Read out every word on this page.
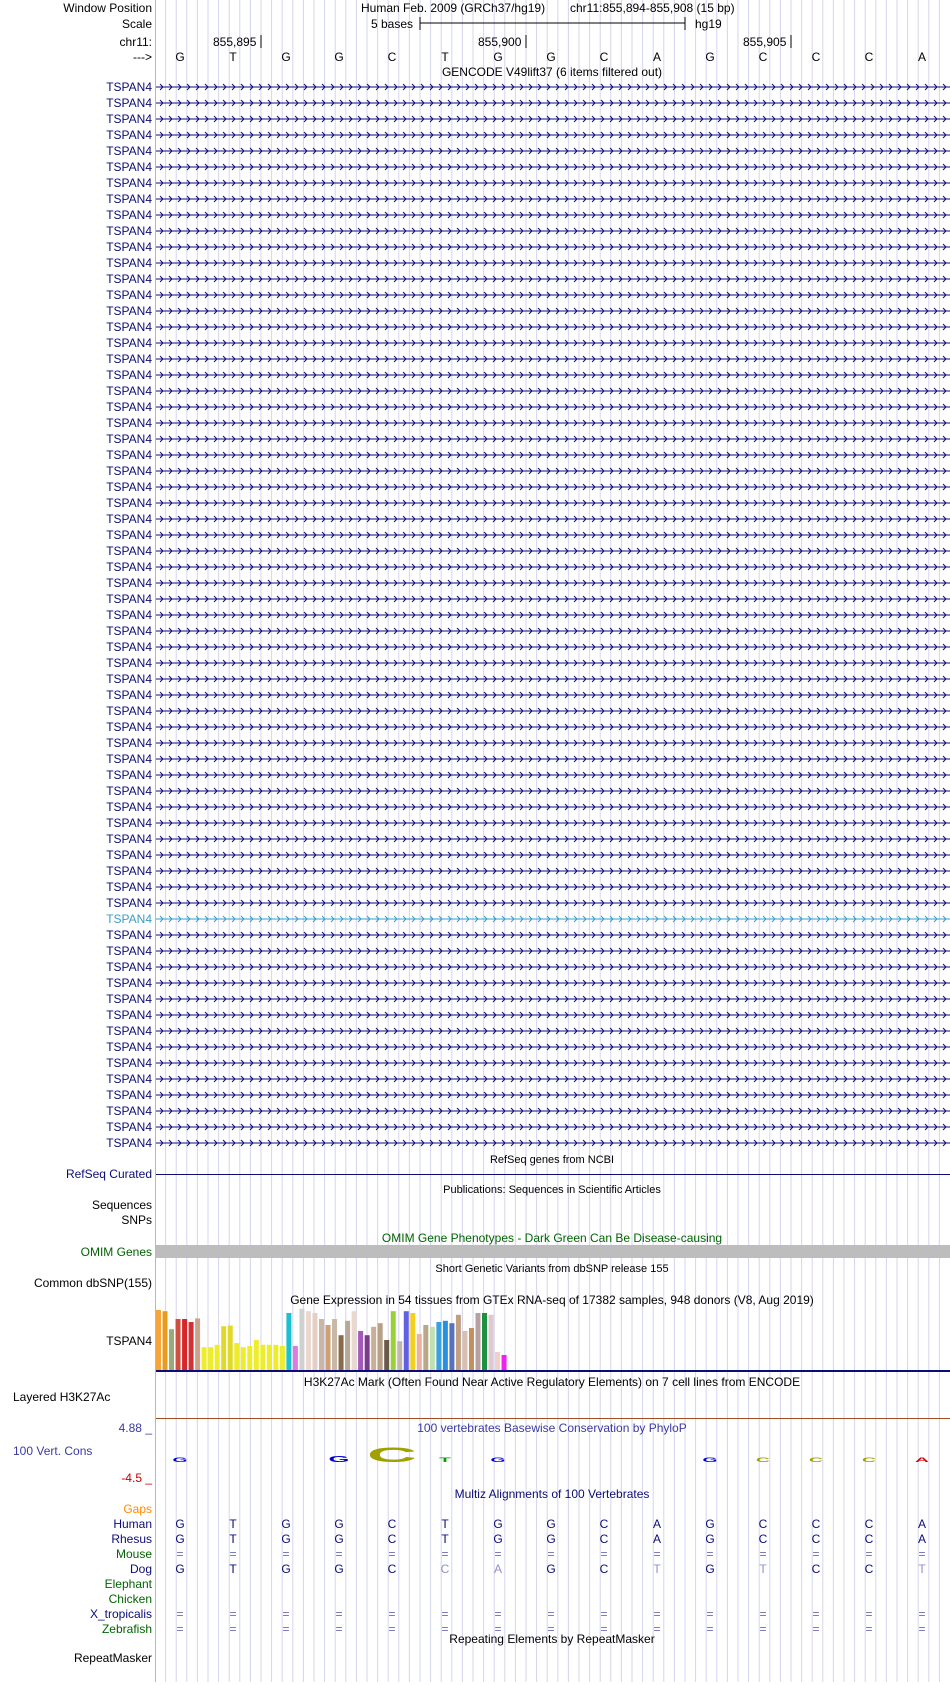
Window Position	Human Feb. 2009 (GRCh37/hg19) chr11:855,894-855,908 (15 bp)
Scale	5 bases	hg19
chr11:	855,895	855,900	855,905
--->	G	T	G	G	C	T	G	G	C	A	G	C	C	C	A
GENCODE V49lift37 (6 items filtered out)
TSPAN4
TSPAN4
TSPAN4
TSPAN4
TSPAN4
TSPAN4
TSPAN4
TSPAN4
TSPAN4
TSPAN4
TSPAN4
TSPAN4
TSPAN4
TSPAN4
TSPAN4
TSPAN4
TSPAN4
TSPAN4
TSPAN4
TSPAN4
TSPAN4
TSPAN4
TSPAN4
TSPAN4
TSPAN4
TSPAN4
TSPAN4
TSPAN4
TSPAN4
TSPAN4
TSPAN4
TSPAN4
TSPAN4
TSPAN4
TSPAN4
TSPAN4
TSPAN4
TSPAN4
TSPAN4
TSPAN4
TSPAN4
TSPAN4
TSPAN4
TSPAN4
TSPAN4
TSPAN4
TSPAN4
TSPAN4
TSPAN4
TSPAN4
TSPAN4
TSPAN4
TSPAN4
TSPAN4
TSPAN4
TSPAN4
TSPAN4
TSPAN4
TSPAN4
TSPAN4
TSPAN4
TSPAN4
TSPAN4
TSPAN4
TSPAN4
TSPAN4
TSPAN4
RefSeq genes from NCBI
RefSeq Curated
Publications: Sequences in Scientific Articles
Sequences
SNPs
OMIM Gene Phenotypes - Dark Green Can Be Disease-causing
OMIM Genes
Short Genetic Variants from dbSNP release 155
Common dbSNP(155)
Gene Expression in 54 tissues from GTEx RNA-seq of 17382 samples, 948 donors (V8, Aug 2019)
TSPAN4
H3K27Ac Mark (Often Found Near Active Regulatory Elements) on 7 cell lines from ENCODE
Layered H3K27Ac
100 vertebrates Basewise Conservation by PhyloP
4.88 _
100 Vert. Cons
-4.5 _
G	G C	T	G	G	C	C	C	A
Multiz Alignments of 100 Vertebrates
Gaps
Human	G	T	G	G	C	T	G	G	C	A	G	C	C	C	A
Rhesus	G	T	G	G	C	T	G	G	C	A	G	C	C	C	A
Mouse	=	=	=	=	=	=	=	=	=	=	=	=	=	=	=
Dog	G	T	G	G	C	C	A	G	C	T	G	T	C	C	T
Elephant
Chicken
X_tropicalis	=	=	=	=	=	=	=	=	=	=	=	=	=	=	=
Zebrafish	=	=	=	=	=	=	=	=	=	=	=	=	=	=	=
Repeating Elements by RepeatMasker
RepeatMasker
